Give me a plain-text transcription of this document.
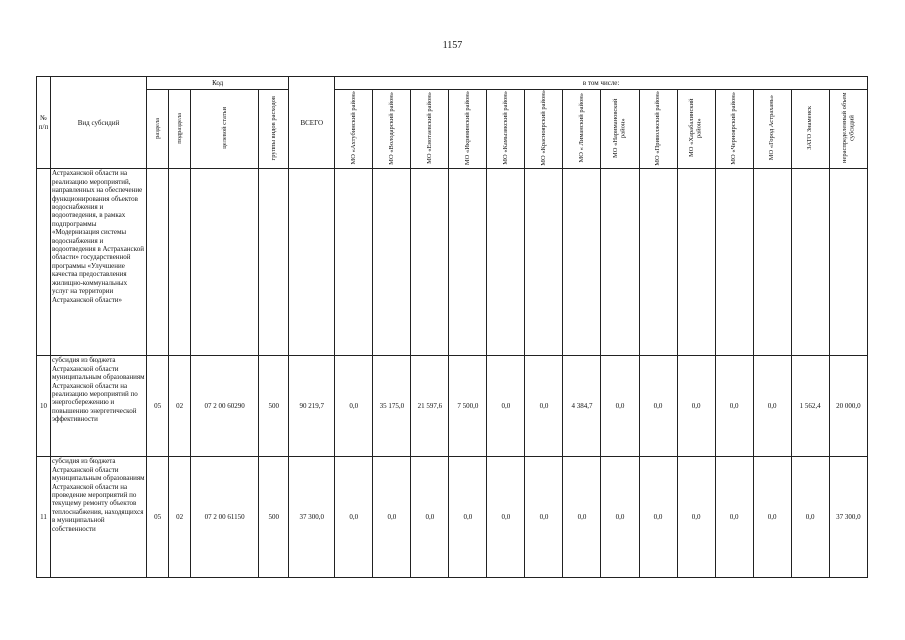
1157
№ п/п	Вид субсидий	Код				ВСЕГО	в том числе:													
		раздела	подраздела	целевой статьи	группы видов расходов		МО «Ахтубинский район»	МО «Володарский район»	МО «Енотаевский район»	МО «Икрянинский район»	МО «Камызякский район»	МО «Красноярский район»	МО « Лиманский район»	МО «Наримановский район»	МО «Приволжский район»	МО «Харабалинский район»	МО «Черноярский район»	МО «Город Астрахань»	ЗАТО Знаменск	нераспределенный объем субсидий
	Астраханской области на реализацию мероприятий, направленных на обеспечение функционирования объектов водоснабжения и водоотведения, в рамках подпрограммы «Модернизация системы водоснабжения и водоотведения в Астраханской области» государственной программы «Улучшение качества предоставления жилищно-коммунальных услуг на территории Астраханской области»																			
10	субсидия из бюджета Астраханской области муниципальным образованиям Астраханской области на реализацию мероприятий по энергосбережению и повышению энергетической эффективности	05	02	07 2 00 60290	500	90 219,7	0,0	35 175,0	21 597,6	7 500,0	0,0	0,0	4 384,7	0,0	0,0	0,0	0,0	0,0	1 562,4	20 000,0
11	субсидия из бюджета Астраханской области муниципальным образованиям Астраханской области на проведение мероприятий по текущему ремонту объектов теплоснабжения, находящихся в муниципальной собственности	05	02	07 2 00 61150	500	37 300,0	0,0	0,0	0,0	0,0	0,0	0,0	0,0	0,0	0,0	0,0	0,0	0,0	0,0	37 300,0
